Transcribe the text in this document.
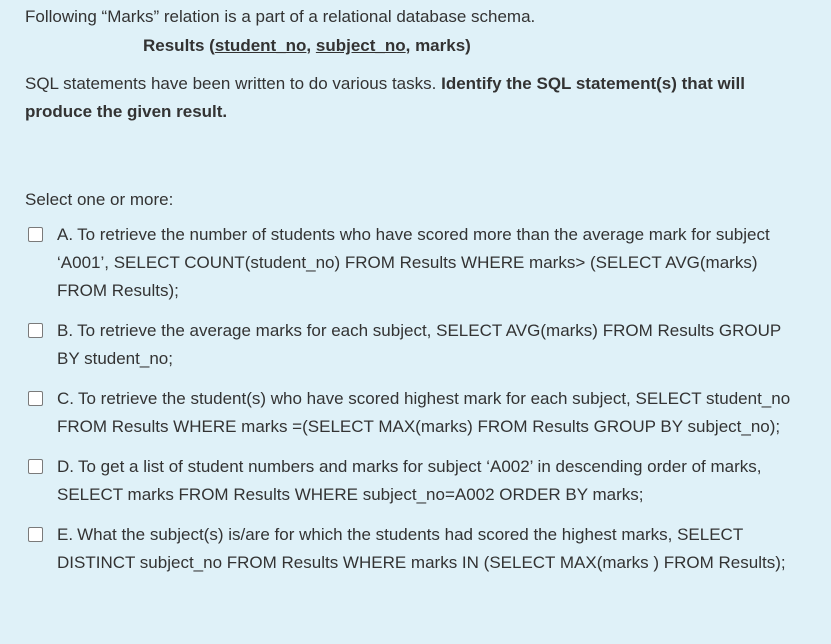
Following “Marks” relation is a part of a relational database schema.
Results (student_no, subject_no, marks)
SQL statements have been written to do various tasks. Identify the SQL statement(s) that will produce the given result.
Select one or more:
A. To retrieve the number of students who have scored more than the average mark for subject ‘A001’, SELECT COUNT(student_no) FROM Results WHERE marks> (SELECT AVG(marks) FROM Results);
B. To retrieve the average marks for each subject, SELECT AVG(marks) FROM Results GROUP BY student_no;
C. To retrieve the student(s) who have scored highest mark for each subject, SELECT student_no FROM Results WHERE marks =(SELECT MAX(marks) FROM Results GROUP BY subject_no);
D. To get a list of student numbers and marks for subject ‘A002’ in descending order of marks, SELECT marks FROM Results WHERE subject_no=A002 ORDER BY marks;
E. What the subject(s) is/are for which the students had scored the highest marks, SELECT DISTINCT subject_no FROM Results WHERE marks IN (SELECT MAX(marks ) FROM Results);
